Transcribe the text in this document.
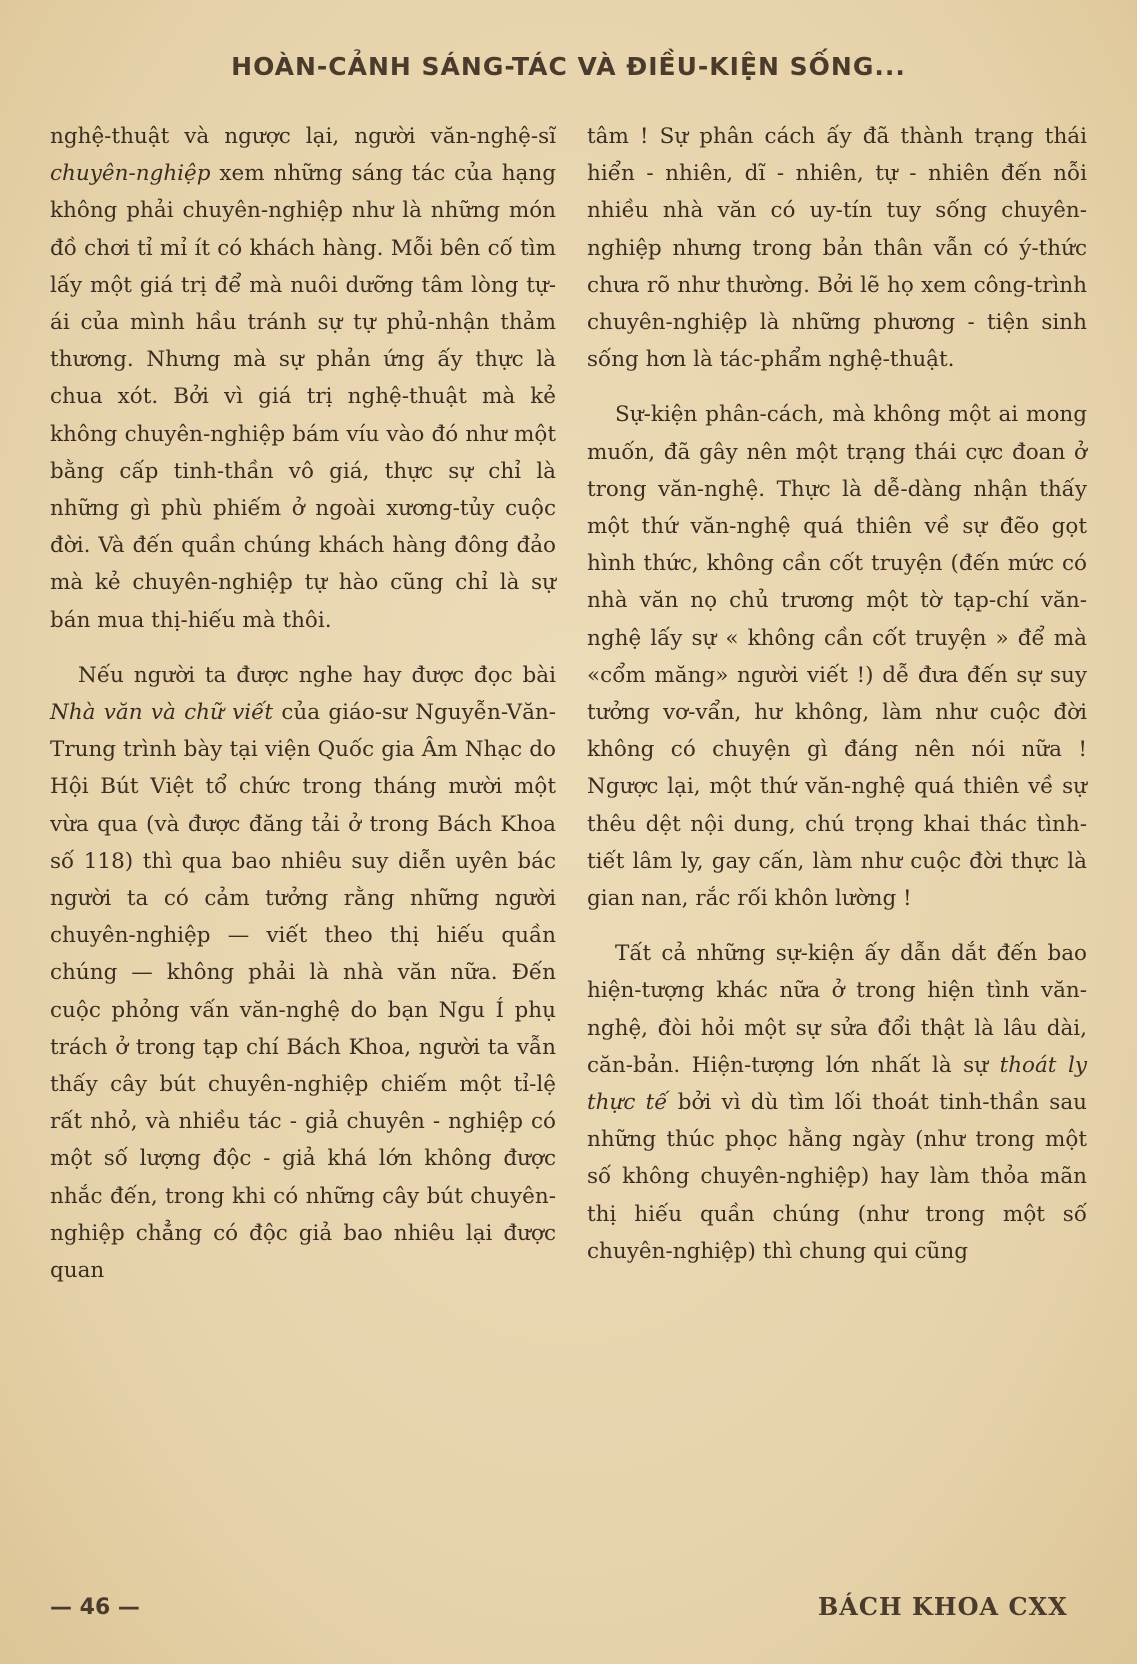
HOÀN-CẢNH SÁNG-TÁC VÀ ĐIỀU-KIỆN SỐNG...

nghệ-thuật và ngược lại, người văn-nghệ-sĩ chuyên-nghiệp xem những sáng tác của hạng không phải chuyên-nghiệp như là những món đồ chơi tỉ mỉ ít có khách hàng. Mỗi bên cố tìm lấy một giá trị để mà nuôi dưỡng tâm lòng tự-ái của mình hầu tránh sự tự phủ-nhận thảm thương. Nhưng mà sự phản ứng ấy thực là chua xót. Bởi vì giá trị nghệ-thuật mà kẻ không chuyên-nghiệp bám víu vào đó như một bằng cấp tinh-thần vô giá, thực sự chỉ là những gì phù phiếm ở ngoài xương-tủy cuộc đời. Và đến quần chúng khách hàng đông đảo mà kẻ chuyên-nghiệp tự hào cũng chỉ là sự bán mua thị-hiếu mà thôi.

Nếu người ta được nghe hay được đọc bài Nhà văn và chữ viết của giáo-sư Nguyễn-Văn-Trung trình bày tại viện Quốc gia Âm Nhạc do Hội Bút Việt tổ chức trong tháng mười một vừa qua (và được đăng tải ở trong Bách Khoa số 118) thì qua bao nhiêu suy diễn uyên bác người ta có cảm tưởng rằng những người chuyên-nghiệp — viết theo thị hiếu quần chúng — không phải là nhà văn nữa. Đến cuộc phỏng vấn văn-nghệ do bạn Ngu Í phụ trách ở trong tạp chí Bách Khoa, người ta vẫn thấy cây bút chuyên-nghiệp chiếm một tỉ-lệ rất nhỏ, và nhiều tác - giả chuyên - nghiệp có một số lượng độc - giả khá lớn không được nhắc đến, trong khi có những cây bút chuyên-nghiệp chẳng có độc giả bao nhiêu lại được quan

tâm ! Sự phân cách ấy đã thành trạng thái hiển - nhiên, dĩ - nhiên, tự - nhiên đến nỗi nhiều nhà văn có uy-tín tuy sống chuyên-nghiệp nhưng trong bản thân vẫn có ý-thức chưa rõ như thường. Bởi lẽ họ xem công-trình chuyên-nghiệp là những phương - tiện sinh sống hơn là tác-phẩm nghệ-thuật.

Sự-kiện phân-cách, mà không một ai mong muốn, đã gây nên một trạng thái cực đoan ở trong văn-nghệ. Thực là dễ-dàng nhận thấy một thứ văn-nghệ quá thiên về sự đẽo gọt hình thức, không cần cốt truyện (đến mức có nhà văn nọ chủ trương một tờ tạp-chí văn-nghệ lấy sự « không cần cốt truyện » để mà «cổm măng» người viết !) dễ đưa đến sự suy tưởng vơ-vẩn, hư không, làm như cuộc đời không có chuyện gì đáng nên nói nữa ! Ngược lại, một thứ văn-nghệ quá thiên về sự thêu dệt nội dung, chú trọng khai thác tình-tiết lâm ly, gay cấn, làm như cuộc đời thực là gian nan, rắc rối khôn lường !

Tất cả những sự-kiện ấy dẫn dắt đến bao hiện-tượng khác nữa ở trong hiện tình văn-nghệ, đòi hỏi một sự sửa đổi thật là lâu dài, căn-bản. Hiện-tượng lớn nhất là sự thoát ly thực tế bởi vì dù tìm lối thoát tinh-thần sau những thúc phọc hằng ngày (như trong một số không chuyên-nghiệp) hay làm thỏa mãn thị hiếu quần chúng (như trong một số chuyên-nghiệp) thì chung qui cũng

— 46 —	BÁCH KHOA CXX
